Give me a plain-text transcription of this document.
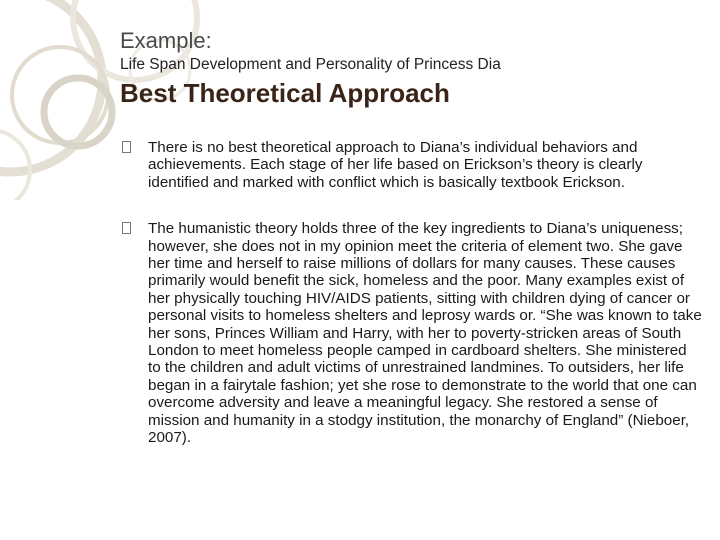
Example:
Life Span Development and Personality of Princess Dia
Best Theoretical Approach
There is no best theoretical approach to Diana’s individual behaviors and achievements. Each stage of her life based on Erickson’s theory is clearly identified and marked with conflict which is basically textbook Erickson.
The humanistic theory holds three of the key ingredients to Diana’s uniqueness; however, she does not in my opinion meet the criteria of element two. She gave her time and herself to raise millions of dollars for many causes. These causes primarily would benefit the sick, homeless and the poor. Many examples exist of her physically touching HIV/AIDS patients, sitting with children dying of cancer or personal visits to homeless shelters and leprosy wards or. “She was known to take her sons, Princes William and Harry, with her to poverty-stricken areas of South London to meet homeless people camped in cardboard shelters. She ministered to the children and adult victims of unrestrained landmines. To outsiders, her life began in a fairytale fashion; yet she rose to demonstrate to the world that one can overcome adversity and leave a meaningful legacy. She restored a sense of mission and humanity in a stodgy institution, the monarchy of England” (Nieboer, 2007).
